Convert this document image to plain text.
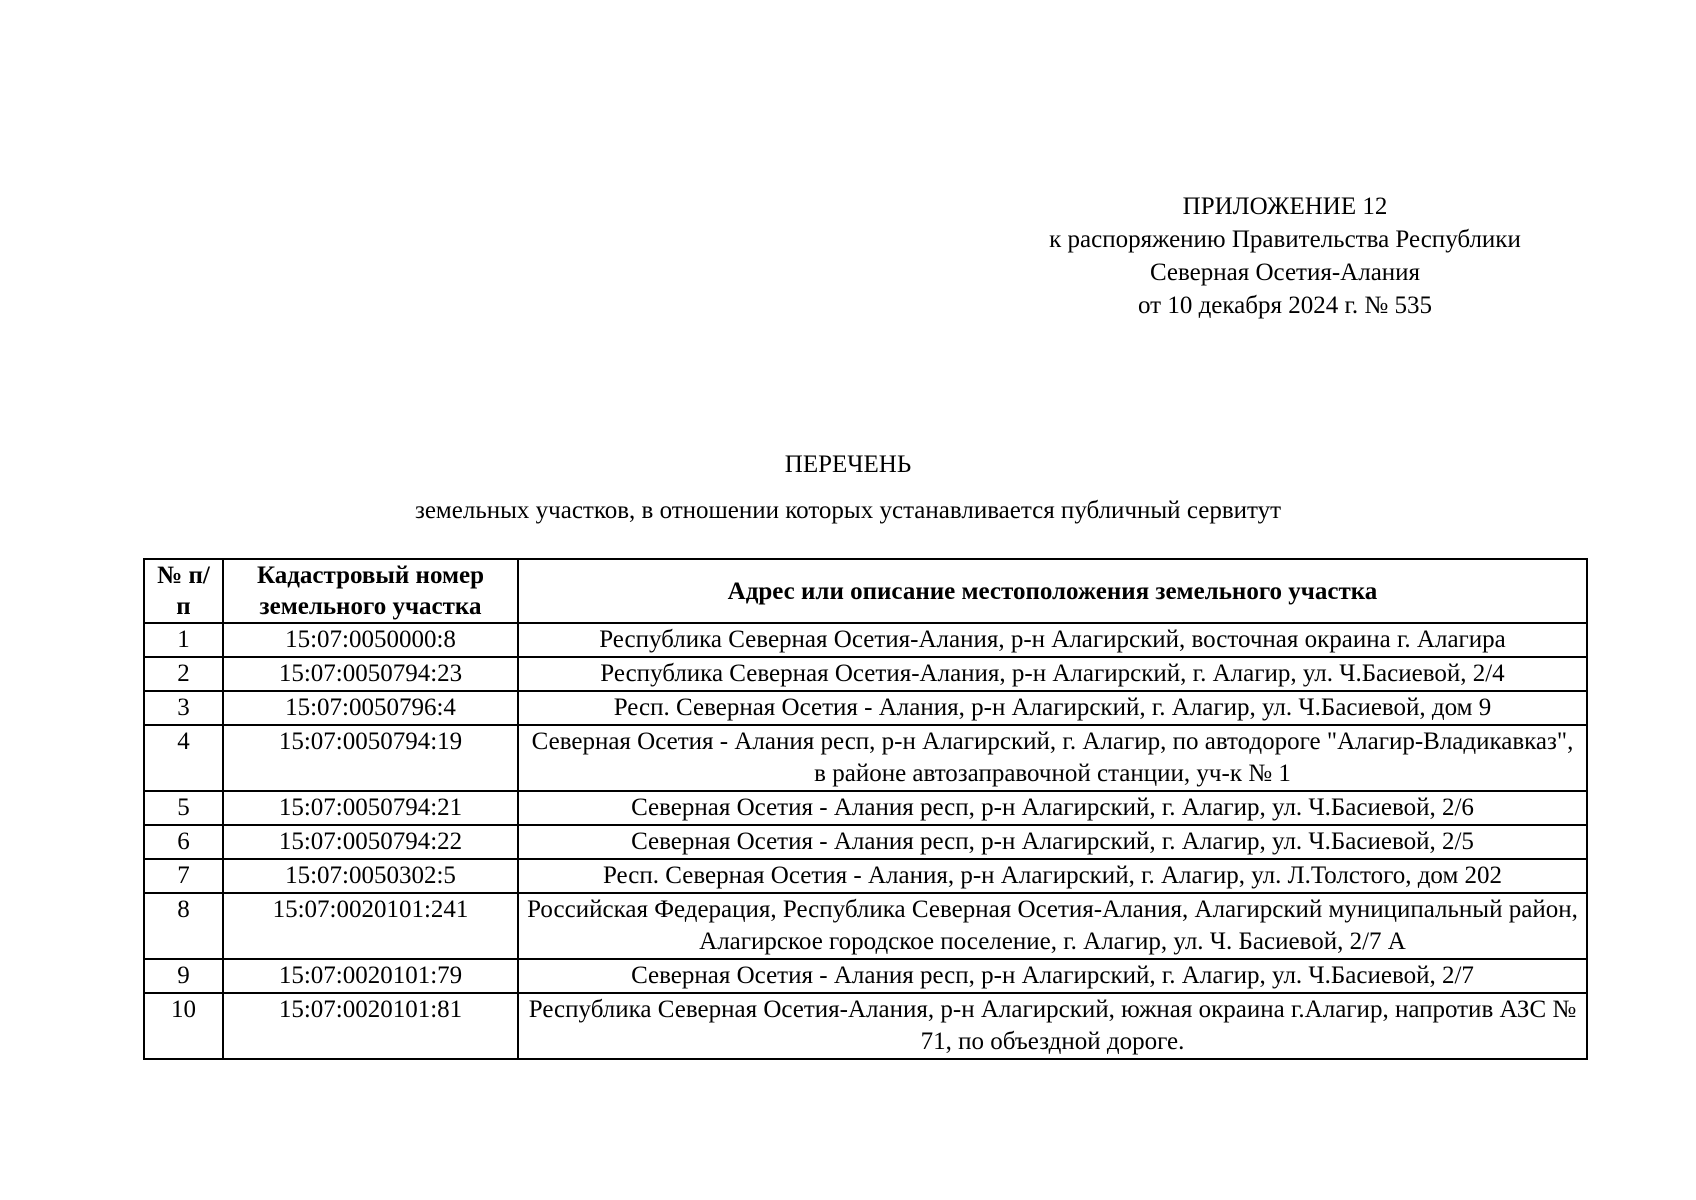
ПРИЛОЖЕНИЕ 12
к распоряжению Правительства Республики
Северная Осетия-Алания
от 10 декабря 2024 г. № 535
ПЕРЕЧЕНЬ
земельных участков, в отношении которых устанавливается публичный сервитут
№ п/п	Кадастровый номер земельного участка	Адрес или описание местоположения земельного участка
1	15:07:0050000:8	Республика Северная Осетия-Алания, р-н Алагирский, восточная окраина г. Алагира
2	15:07:0050794:23	Республика Северная Осетия-Алания, р-н Алагирский, г. Алагир, ул. Ч.Басиевой, 2/4
3	15:07:0050796:4	Респ. Северная Осетия - Алания, р-н Алагирский, г. Алагир, ул. Ч.Басиевой, дом 9
4	15:07:0050794:19	Северная Осетия - Алания респ, р-н Алагирский, г. Алагир, по автодороге "Алагир-Владикавказ", в районе автозаправочной станции, уч-к № 1
5	15:07:0050794:21	Северная Осетия - Алания респ, р-н Алагирский, г. Алагир, ул. Ч.Басиевой, 2/6
6	15:07:0050794:22	Северная Осетия - Алания респ, р-н Алагирский, г. Алагир, ул. Ч.Басиевой, 2/5
7	15:07:0050302:5	Респ. Северная Осетия - Алания, р-н Алагирский, г. Алагир, ул. Л.Толстого, дом 202
8	15:07:0020101:241	Российская Федерация, Республика Северная Осетия-Алания, Алагирский муниципальный район, Алагирское городское поселение, г. Алагир, ул. Ч. Басиевой, 2/7 А
9	15:07:0020101:79	Северная Осетия - Алания респ, р-н Алагирский, г. Алагир, ул. Ч.Басиевой, 2/7
10	15:07:0020101:81	Республика Северная Осетия-Алания, р-н Алагирский, южная окраина г.Алагир, напротив АЗС № 71, по объездной дороге.
